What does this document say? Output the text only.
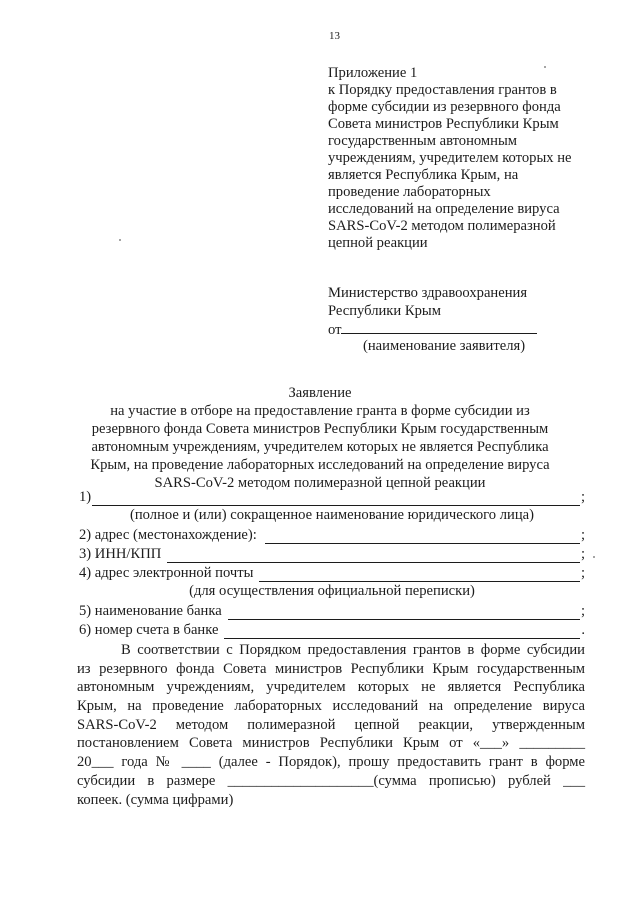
13
Приложение 1
к Порядку предоставления грантов в
форме субсидии из резервного фонда
Совета министров Республики Крым
государственным автономным
учреждениям, учредителем которых не
является Республика Крым, на
проведение лабораторных
исследований на определение вируса
SARS-CoV-2 методом полимеразной
цепной реакции
Министерство здравоохранения
Республики Крым
от
(наименование заявителя)
Заявление
на участие в отборе на предоставление гранта в форме субсидии из
резервного фонда Совета министров Республики Крым государственным
автономным учреждениям, учредителем которых не является Республика
Крым, на проведение лабораторных исследований на определение вируса
SARS-CoV-2 методом полимеразной цепной реакции
1)	;
(полное и (или) сокращенное наименование юридического лица)
2) адрес (местонахождение):	;
3) ИНН/КПП	;
4) адрес электронной почты	;
(для осуществления официальной переписки)
5) наименование банка	;
6) номер счета в банке	.
В соответствии с Порядком предоставления грантов в форме субсидии
из резервного фонда Совета министров Республики Крым государственным
автономным учреждениям, учредителем которых не является Республика
Крым, на проведение лабораторных исследований на определение вируса
SARS-CoV-2 методом полимеразной цепной реакции, утвержденным
постановлением Совета министров Республики Крым от «___» _________
20___ года № ____ (далее - Порядок), прошу предоставить грант в форме
субсидии в размере ____________________(сумма прописью) рублей ___
копеек. (сумма цифрами)
